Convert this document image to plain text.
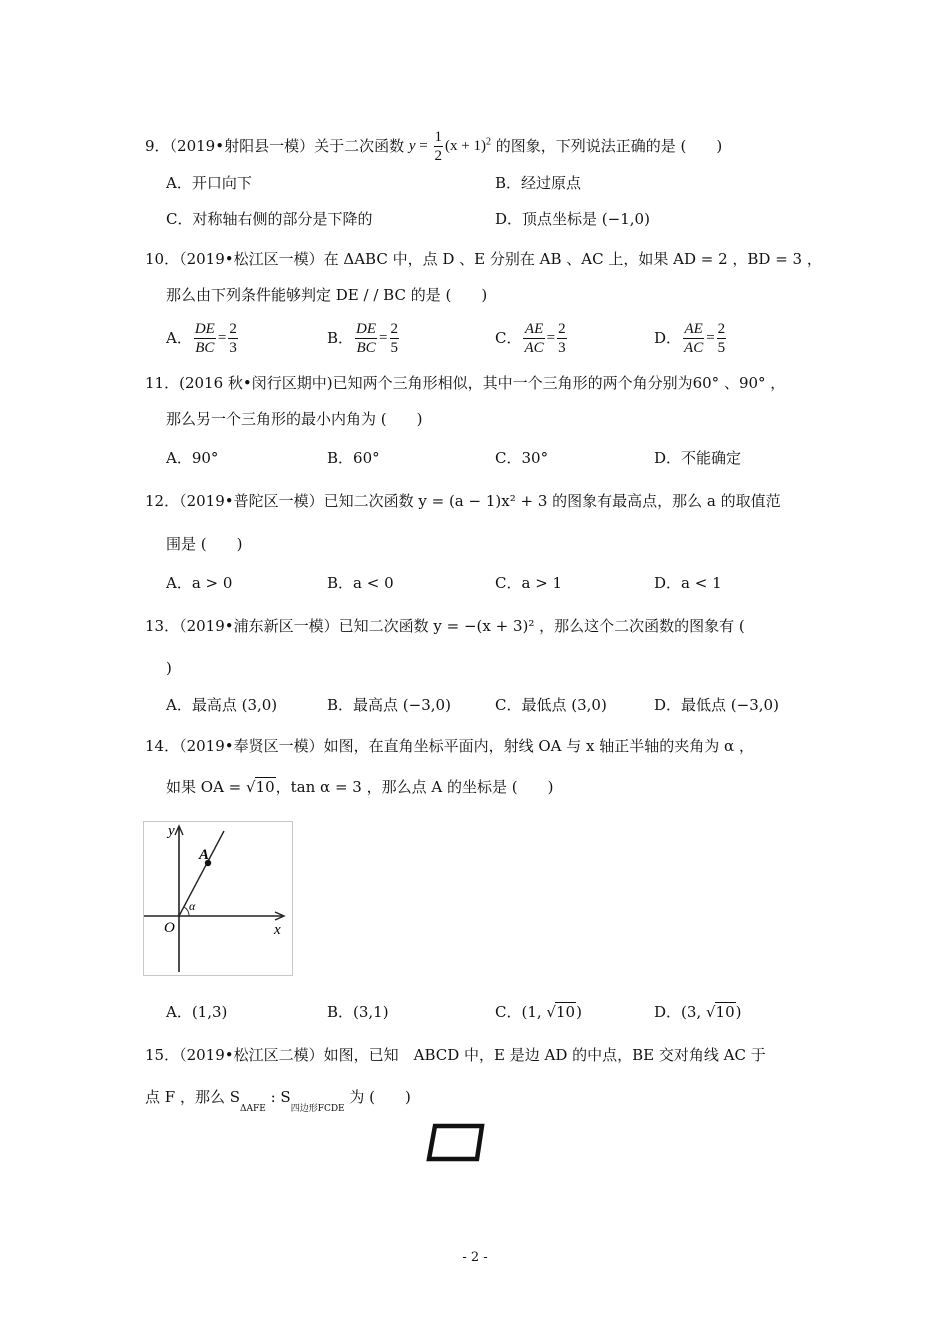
9．（2019•射阳县一模）关于二次函数 $y = \frac{1}{2} (x + 1)^2$ 的图象，下列说法正确的是 (　　)
A．开口向下	B．经过原点
C．对称轴右侧的部分是下降的	D．顶点坐标是 (−1,0)
10．（2019•松江区一模）在 ΔABC 中，点 D 、E 分别在 AB 、AC 上，如果 AD = 2 ，BD = 3 ，
那么由下列条件能够判定 DE / / BC 的是 (　　)
A． $\frac{DE}{BC} = \frac{2}{3}$	B． $\frac{DE}{BC} = \frac{2}{5}$	C． $\frac{AE}{AC} = \frac{2}{3}$	D． $\frac{AE}{AC} = \frac{2}{5}$
11．(2016 秋•闵行区期中)已知两个三角形相似，其中一个三角形的两个角分别为60° 、90° ，
那么另一个三角形的最小内角为 (　　)
A．90°	B．60°	C．30°	D．不能确定
12．（2019•普陀区一模）已知二次函数 y = (a − 1)x² + 3 的图象有最高点，那么 a 的取值范
围是 (　　)
A．a > 0	B．a < 0	C．a > 1	D．a < 1
13．（2019•浦东新区一模）已知二次函数 y = −(x + 3)² ，那么这个二次函数的图象有 (
)
A．最高点 (3,0)	B．最高点 (−3,0)	C．最低点 (3,0)	D．最低点 (−3,0)
14．（2019•奉贤区一模）如图，在直角坐标平面内，射线 OA 与 x 轴正半轴的夹角为 α ，
如果 OA = √10，tan α = 3 ，那么点 A 的坐标是 (　　)
y
x
O
A
α
A．(1,3)	B．(3,1)	C．(1, √10)	D．(3, √10)
15．（2019•松江区二模）如图，已知　ABCD 中，E 是边 AD 的中点，BE 交对角线 AC 于
点 F ，那么 $S_{\Delta AFE}$ : $S_{四边形FCDE}$ 为 (　　)
- 2 -
